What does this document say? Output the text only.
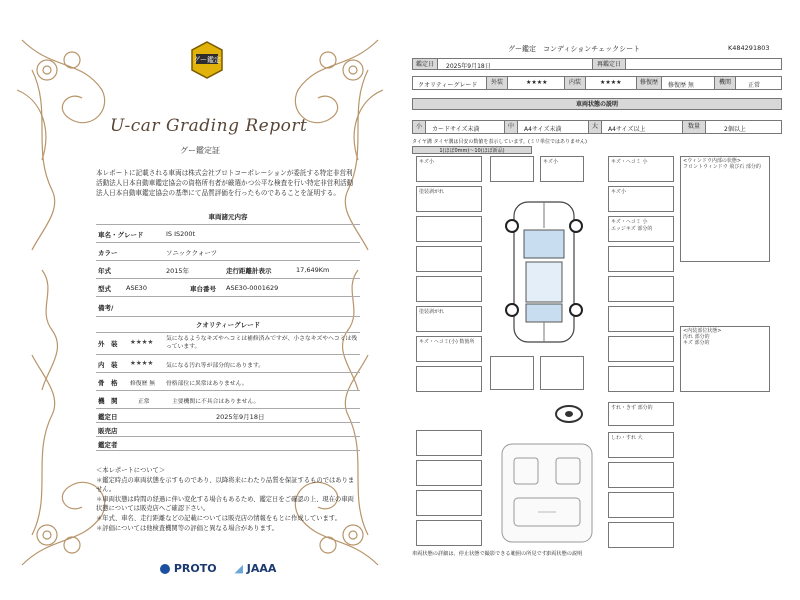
グー鑑定
U-car Grading Report
グー鑑定証
本レポートに記載される車両は株式会社プロトコーポレーションが委託する特定非営利活動法人日本自動車鑑定協会の資格所有者が厳選かつ公平な検査を行い特定非営利活動法人日本自動車鑑定協会の基準にて品質評価を行ったものであることを証明する。
車両諸元内容
車名・グレード	IS IS200t
カラー	ソニッククォーツ
年式	2015年	走行距離計表示	17,649Km
型式 ASE30	車台番号 ASE30-0001629
備考/
クオリティーグレード
外　装 ★★★★ 気になるようなキズやヘコミは補修済みですが、小さなキズやヘコミは残っています。
内　装 ★★★★ 気になる汚れ等が部分的にあります。
骨　格 修復歴 無 骨格部位に異常はありません。
機　関	正常	主要機関に不具合はありません。
鑑定日	2025年9月18日
販売店
鑑定者
＜本レポートについて＞
＊鑑定時点の車両状態を示すものであり、以降将来にわたり品質を保証するものではありません。
＊車両状態は時間の経過に伴い変化する場合もあるため、鑑定日をご確認の上、現在の車両状態については販売店へご確認下さい。
＊年式、車名、走行距離などの記載については販売店の情報をもとに作成しています。
＊評価については他検査機関等の評価と異なる場合があります。
PROTO ◢ JAAA
K484291803
グー鑑定　コンディションチェックシート
鑑定日	2025年9月18日	再鑑定日
クオリティーグレード	外装	★★★★	内装	★★★★	修復歴	修復歴 無	機関	正常
車両状態の説明
小	カードサイズ未満	中	A4サイズ未満	大	A4サイズ以上	数量	2個以上
タイヤ溝 タイヤ溝は目安の数値を表示しています。(ミリ単位ではありません)
1(ほぼ0mm)〜10(ほぼ新品)
キズ小
塗装剥がれ
塗装剥がれ
キズ・ヘコミ(小) 数箇所
キズ小	キズ・ヘコミ 小
キズ小
キズ・ヘコミ 小
エッジキズ 部分的
<ウィンドウ内部の状態>
フロントウィンドウ 飛び石 部分的
<内装部位状態>
汚れ 部分的
キズ 部分的
すれ・きず 部分的
しわ・すれ 大
車両状態の詳細は、停止状態で撮影できる範囲の所見です。
車両状態の説明
